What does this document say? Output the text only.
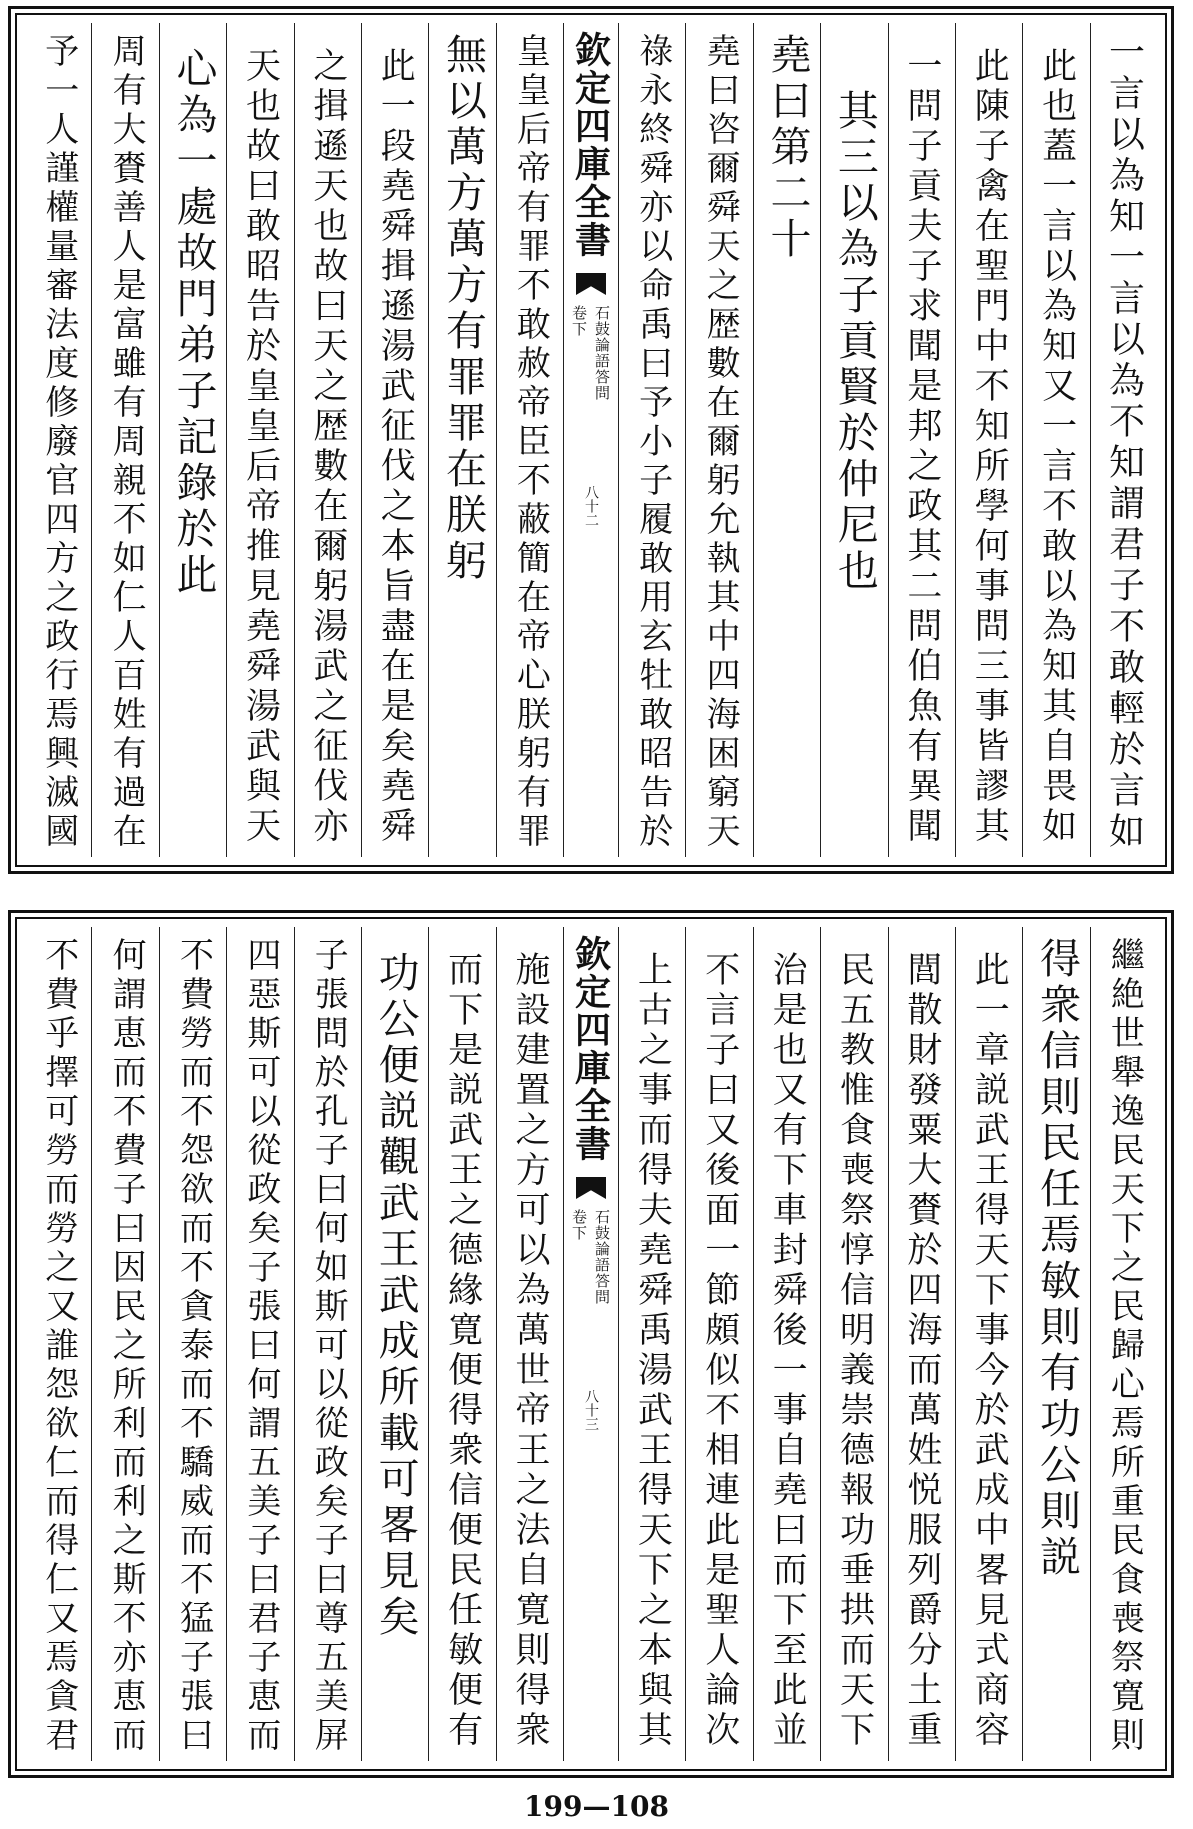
一言以為知一言以為不知謂君子不敢輕於言如
此也蓋一言以為知又一言不敢以為知其自畏如
此陳子禽在聖門中不知所學何事問三事皆謬其
一問子貢夫子求聞是邦之政其二問伯魚有異聞
其三以為子貢賢於仲尼也
堯曰第二十
堯曰咨爾舜天之歴數在爾躬允執其中四海困窮天
祿永終舜亦以命禹曰予小子履敢用玄牡敢昭告於
欽定四庫全書
石鼓論語答問
卷下
八十二
皇皇后帝有罪不敢赦帝臣不蔽簡在帝心朕躬有罪
無以萬方萬方有罪罪在朕躬
此一段堯舜揖遜湯武征伐之本旨盡在是矣堯舜
之揖遜天也故曰天之歴數在爾躬湯武之征伐亦
天也故曰敢昭告於皇皇后帝推見堯舜湯武與天
心為一處故門弟子記錄於此
周有大賚善人是富雖有周親不如仁人百姓有過在
予一人謹權量審法度修廢官四方之政行焉興滅國
繼絶世舉逸民天下之民歸心焉所重民食喪祭寛則
得衆信則民任焉敏則有功公則説
此一章説武王得天下事今於武成中畧見式商容
閭散財發粟大賚於四海而萬姓悦服列爵分土重
民五教惟食喪祭惇信明義崇德報功垂拱而天下
治是也又有下車封舜後一事自堯曰而下至此並
不言子曰又後面一節頗似不相連此是聖人論次
上古之事而得夫堯舜禹湯武王得天下之本與其
欽定四庫全書
石鼓論語答問
卷下
八十三
施設建置之方可以為萬世帝王之法自寛則得衆
而下是説武王之德緣寛便得衆信便民任敏便有
功公便説觀武王武成所載可畧見矣
子張問於孔子曰何如斯可以從政矣子曰尊五美屏
四惡斯可以從政矣子張曰何謂五美子曰君子恵而
不費勞而不怨欲而不貪泰而不驕威而不猛子張曰
何謂恵而不費子曰因民之所利而利之斯不亦恵而
不費乎擇可勞而勞之又誰怨欲仁而得仁又焉貪君
199—108
